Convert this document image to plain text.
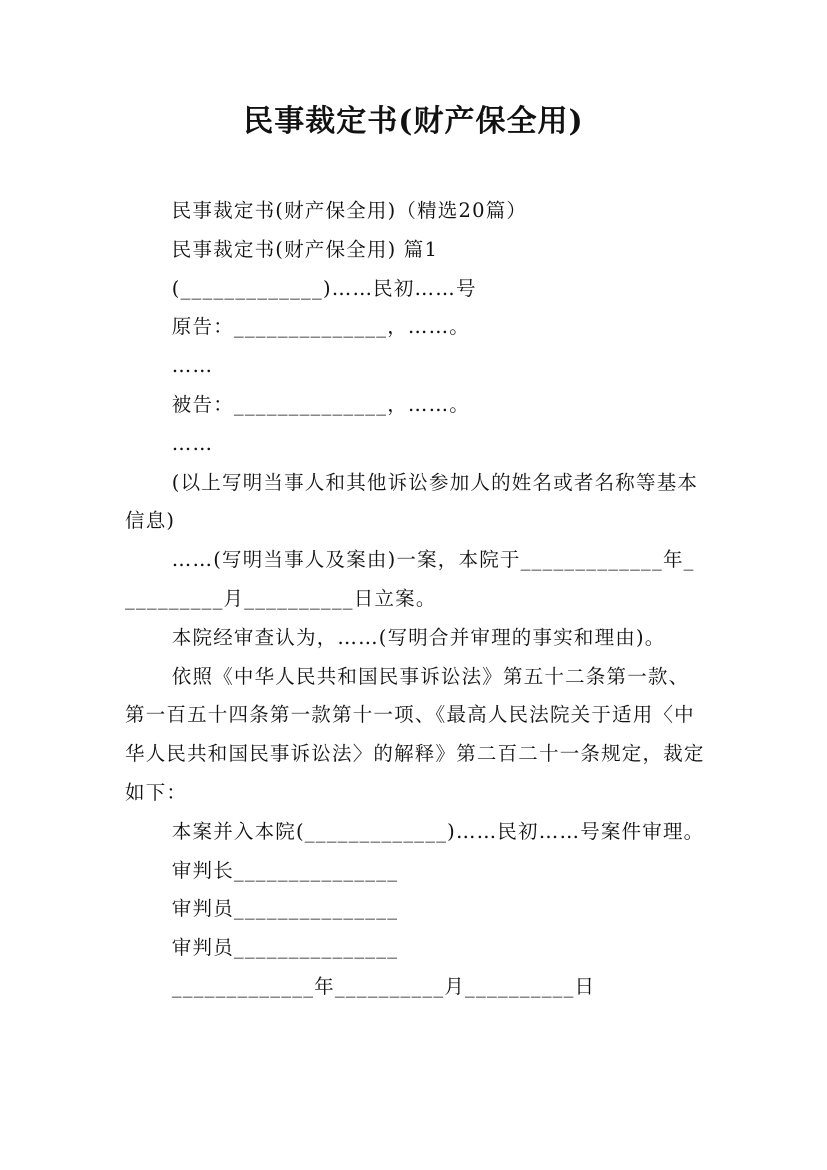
民事裁定书(财产保全用)
民事裁定书(财产保全用)（精选20篇）
民事裁定书(财产保全用) 篇1
(_____________)……民初……号
原告：______________，……。
……
被告：______________，……。
……
(以上写明当事人和其他诉讼参加人的姓名或者名称等基本信息)
……(写明当事人及案由)一案，本院于_____________年__________月__________日立案。
本院经审查认为，……(写明合并审理的事实和理由)。
依照《中华人民共和国民事诉讼法》第五十二条第一款、第一百五十四条第一款第十一项、《最高人民法院关于适用〈中华人民共和国民事诉讼法〉的解释》第二百二十一条规定，裁定如下：
本案并入本院(_____________)……民初……号案件审理。
审判长_______________
审判员_______________
审判员_______________
_____________年__________月__________日
